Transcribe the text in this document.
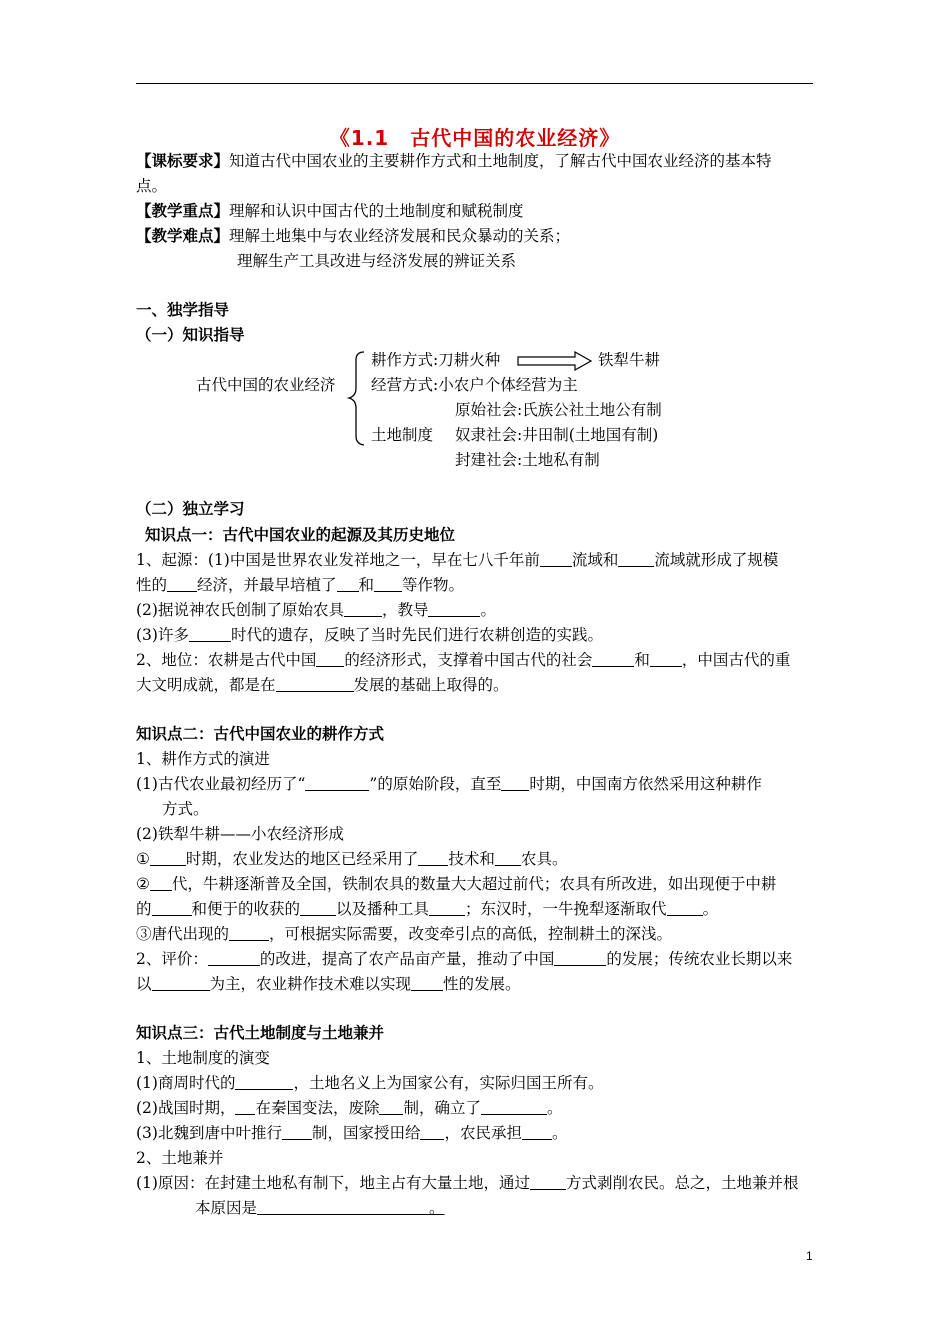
《1.1　古代中国的农业经济》
【课标要求】知道古代中国农业的主要耕作方式和土地制度，了解古代中国农业经济的基本特
点。
【教学重点】理解和认识中国古代的土地制度和赋税制度
【教学难点】理解土地集中与农业经济发展和民众暴动的关系；
理解生产工具改进与经济发展的辨证关系
一、独学指导
（一）知识指导
古代中国的农业经济
耕作方式:刀耕火种	铁犁牛耕
经营方式:小农户个体经营为主
原始社会:氏族公社土地公有制
土地制度 奴隶社会:井田制(土地国有制)
封建社会:土地私有制
（二）独立学习
知识点一：古代中国农业的起源及其历史地位
1、起源：(1)中国是世界农业发祥地之一，早在七八千年前 流域和 流域就形成了规模
性的 经济，并最早培植了 和 等作物。
(2)据说神农氏创制了原始农具 ，教导	。
(3)许多	时代的遗存，反映了当时先民们进行农耕创造的实践。
2、地位：农耕是古代中国 的经济形式，支撑着中国古代的社会	和 ，中国古代的重
大文明成就，都是在	发展的基础上取得的。
知识点二：古代中国农业的耕作方式
1、耕作方式的演进
(1)古代农业最初经历了“	”的原始阶段，直至 时期，中国南方依然采用这种耕作
方式。
(2)铁犁牛耕——小农经济形成
① 时期，农业发达的地区已经采用了 技术和 农具。
② 代，牛耕逐渐普及全国，铁制农具的数量大大超过前代；农具有所改进，如出现便于中耕
的	和便于的收获的 以及播种工具 ；东汉时，一牛挽犁逐渐取代 。
③唐代出现的	，可根据实际需要，改变牵引点的高低，控制耕土的深浅。
2、评价：	的改进，提高了农产品亩产量，推动了中国	的发展；传统农业长期以来
以	为主，农业耕作技术难以实现 性的发展。
知识点三：古代土地制度与土地兼并
1、土地制度的演变
(1)商周时代的	，土地名义上为国家公有，实际归国王所有。
(2)战国时期， 在秦国变法，废除 制，确立了	。
(3)北魏到唐中叶推行 制，国家授田给 ，农民承担 。
2、土地兼并
(1)原因：在封建土地私有制下，地主占有大量土地，通过 方式剥削农民。总之，土地兼并根
本原因是	。
1
